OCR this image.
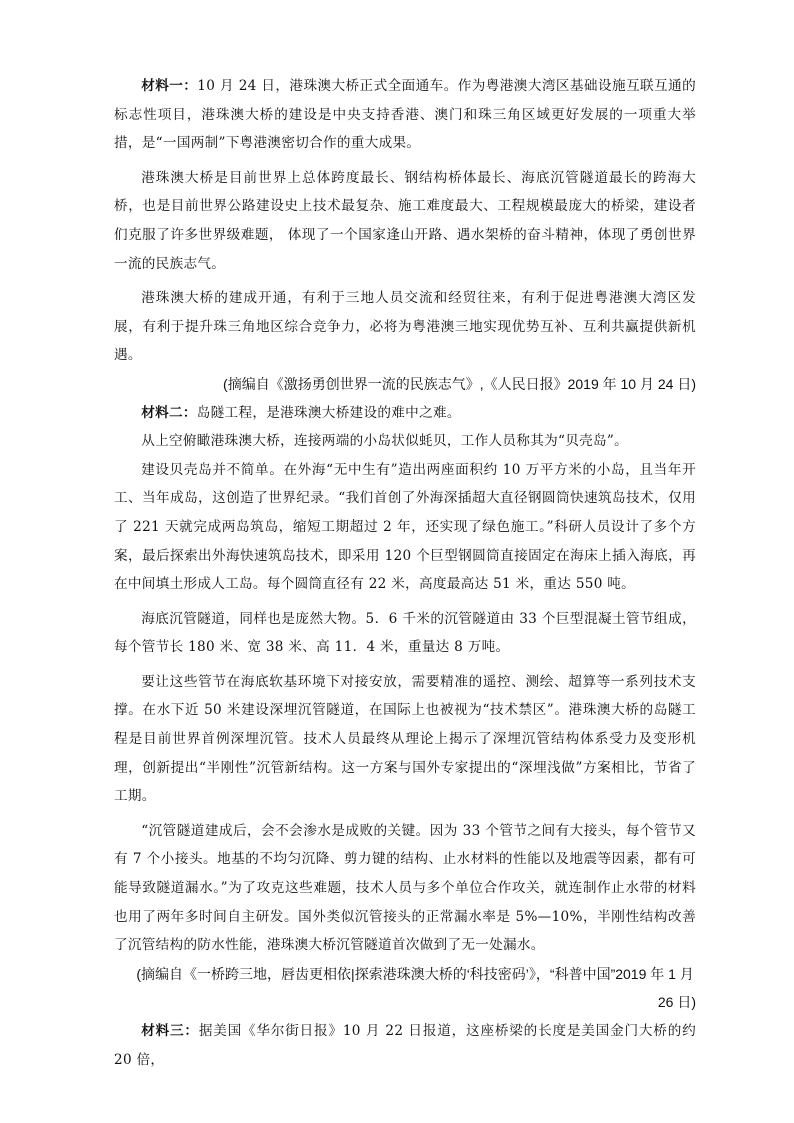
材料一：10 月 24 日，港珠澳大桥正式全面通车。作为粤港澳大湾区基础设施互联互通的标志性项目，港珠澳大桥的建设是中央支持香港、澳门和珠三角区域更好发展的一项重大举措，是“一国两制”下粤港澳密切合作的重大成果。

港珠澳大桥是目前世界上总体跨度最长、钢结构桥体最长、海底沉管隧道最长的跨海大桥，也是目前世界公路建设史上技术最复杂、施工难度最大、工程规模最庞大的桥梁，建设者们克服了许多世界级难题， 体现了一个国家逢山开路、遇水架桥的奋斗精神，体现了勇创世界一流的民族志气。

港珠澳大桥的建成开通，有利于三地人员交流和经贸往来，有利于促进粤港澳大湾区发展，有利于提升珠三角地区综合竞争力，必将为粤港澳三地实现优势互补、互利共赢提供新机遇。

(摘编自《激扬勇创世界一流的民族志气》,《人民日报》2019 年 10 月 24 日)

材料二：岛隧工程，是港珠澳大桥建设的难中之难。

从上空俯瞰港珠澳大桥，连接两端的小岛状似蚝贝，工作人员称其为“贝壳岛”。

建设贝壳岛并不简单。在外海“无中生有”造出两座面积约 10 万平方米的小岛，且当年开工、当年成岛，这创造了世界纪录。“我们首创了外海深插超大直径钢圆筒快速筑岛技术，仅用了 221 天就完成两岛筑岛，缩短工期超过 2 年，还实现了绿色施工。”科研人员设计了多个方案，最后探索出外海快速筑岛技术，即采用 120 个巨型钢圆筒直接固定在海床上插入海底，再在中间填土形成人工岛。每个圆筒直径有 22 米，高度最高达 51 米，重达 550 吨。

海底沉管隧道，同样也是庞然大物。5．6 千米的沉管隧道由 33 个巨型混凝土管节组成，每个管节长 180 米、宽 38 米、高 11．4 米，重量达 8 万吨。

要让这些管节在海底软基环境下对接安放，需要精准的遥控、测绘、超算等一系列技术支撑。在水下近 50 米建设深埋沉管隧道，在国际上也被视为“技术禁区”。港珠澳大桥的岛隧工程是目前世界首例深埋沉管。技术人员最终从理论上揭示了深埋沉管结构体系受力及变形机理，创新提出“半刚性”沉管新结构。这一方案与国外专家提出的“深埋浅做”方案相比，节省了工期。

“沉管隧道建成后，会不会渗水是成败的关键。因为 33 个管节之间有大接头，每个管节又有 7 个小接头。地基的不均匀沉降、剪力键的结构、止水材料的性能以及地震等因素，都有可能导致隧道漏水。”为了攻克这些难题，技术人员与多个单位合作攻关，就连制作止水带的材料也用了两年多时间自主研发。国外类似沉管接头的正常漏水率是 5%—10%，半刚性结构改善了沉管结构的防水性能，港珠澳大桥沉管隧道首次做到了无一处漏水。

(摘编自《一桥跨三地，唇齿更相依|探索港珠澳大桥的‘科技密码’》，“科普中国”2019 年 1 月 26 日)

材料三：据美国《华尔街日报》10 月 22 日报道，这座桥梁的长度是美国金门大桥的约 20 倍，
